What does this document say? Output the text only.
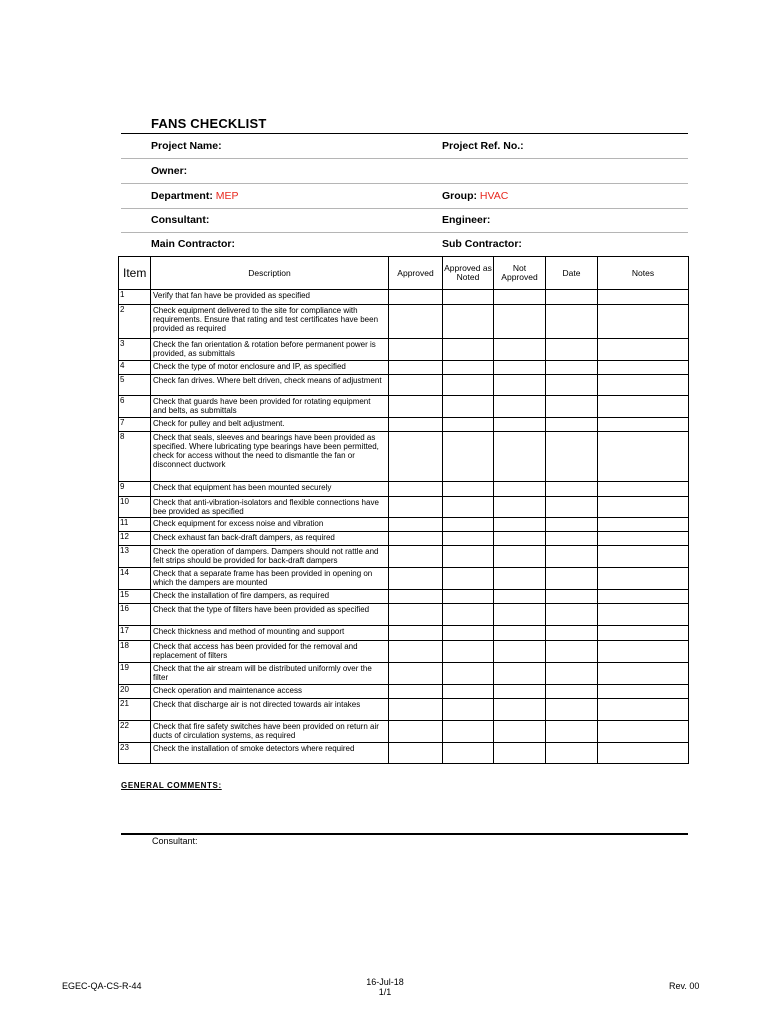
FANS CHECKLIST
Project Name:	Project Ref. No.:
Owner:
Department: MEP	Group: HVAC
Consultant:	Engineer:
Main Contractor:	Sub Contractor:
Item	Description	Approved	Approved as Noted	Not Approved	Date	Notes
1	Verify that fan have be provided as specified					
2	Check equipment delivered to the site for compliance with requirements. Ensure that rating and test certificates have been provided as required					
3	Check the fan orientation & rotation before permanent power is provided, as submittals					
4	Check the type of motor enclosure and IP, as specified					
5	Check fan drives. Where belt driven, check means of adjustment					
6	Check that guards have been provided for rotating equipment and belts, as submittals					
7	Check for pulley and belt adjustment.					
8	Check that seals, sleeves and bearings have been provided as specified. Where lubricating type bearings have been permitted, check for access without the need to dismantle the fan or disconnect ductwork					
9	Check that equipment has been mounted securely					
10	Check that anti-vibration-isolators and flexible connections have bee provided as specified					
11	Check equipment for excess noise and vibration					
12	Check exhaust fan back-draft dampers, as required					
13	Check the operation of dampers. Dampers should not rattle and felt strips should be provided for back-draft dampers					
14	Check that a separate frame has been provided in opening on which the dampers are mounted					
15	Check the installation of fire dampers, as required					
16	Check that the type of filters have been provided as specified					
17	Check thickness and method of mounting and support					
18	Check that access has been provided for the removal and replacement of filters					
19	Check that the air stream will be distributed uniformly over the filter					
20	Check operation and maintenance access					
21	Check that discharge air is not directed towards air intakes					
22	Check that fire safety switches have been provided on return air ducts of circulation systems, as required					
23	Check the installation of smoke detectors where required					
GENERAL COMMENTS:
Consultant:
EGEC-QA-CS-R-44	16-Jul-18
1/1
Rev. 00
